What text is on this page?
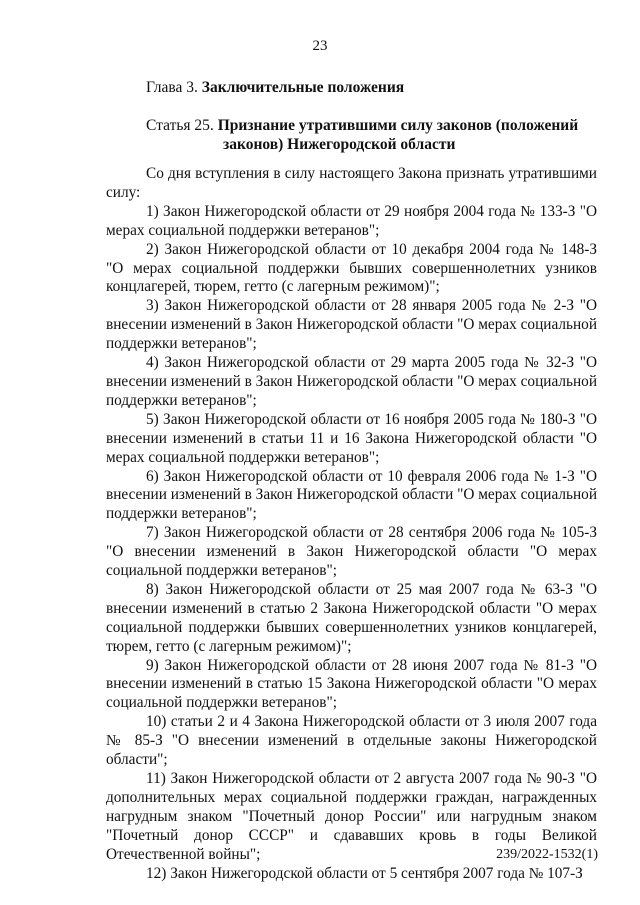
23
Глава 3. Заключительные положения
Статья 25. Признание утратившими силу законов (положений
законов) Нижегородской области

Со дня вступления в силу настоящего Закона признать утратившими силу:

1) Закон Нижегородской области от 29 ноября 2004 года № 133-З "О мерах социальной поддержки ветеранов";

2) Закон Нижегородской области от 10 декабря 2004 года № 148-З "О мерах социальной поддержки бывших совершеннолетних узников концлагерей, тюрем, гетто (с лагерным режимом)";

3) Закон Нижегородской области от 28 января 2005 года № 2-З "О внесении изменений в Закон Нижегородской области "О мерах социальной поддержки ветеранов";

4) Закон Нижегородской области от 29 марта 2005 года № 32-З "О внесении изменений в Закон Нижегородской области "О мерах социальной поддержки ветеранов";

5) Закон Нижегородской области от 16 ноября 2005 года № 180-З "О внесении изменений в статьи 11 и 16 Закона Нижегородской области "О мерах социальной поддержки ветеранов";

6) Закон Нижегородской области от 10 февраля 2006 года № 1-З "О внесении изменений в Закон Нижегородской области "О мерах социальной поддержки ветеранов";

7) Закон Нижегородской области от 28 сентября 2006 года № 105-З "О внесении изменений в Закон Нижегородской области "О мерах социальной поддержки ветеранов";

8) Закон Нижегородской области от 25 мая 2007 года № 63-З "О внесении изменений в статью 2 Закона Нижегородской области "О мерах социальной поддержки бывших совершеннолетних узников концлагерей, тюрем, гетто (с лагерным режимом)";

9) Закон Нижегородской области от 28 июня 2007 года № 81-З "О внесении изменений в статью 15 Закона Нижегородской области "О мерах социальной поддержки ветеранов";

10) статьи 2 и 4 Закона Нижегородской области от 3 июля 2007 года № 85-З "О внесении изменений в отдельные законы Нижегородской области";

11) Закон Нижегородской области от 2 августа 2007 года № 90-З "О дополнительных мерах социальной поддержки граждан, награжденных нагрудным знаком "Почетный донор России" или нагрудным знаком "Почетный донор СССР" и сдававших кровь в годы Великой Отечественной войны";

12) Закон Нижегородской области от 5 сентября 2007 года № 107-З

239/2022-1532(1)
